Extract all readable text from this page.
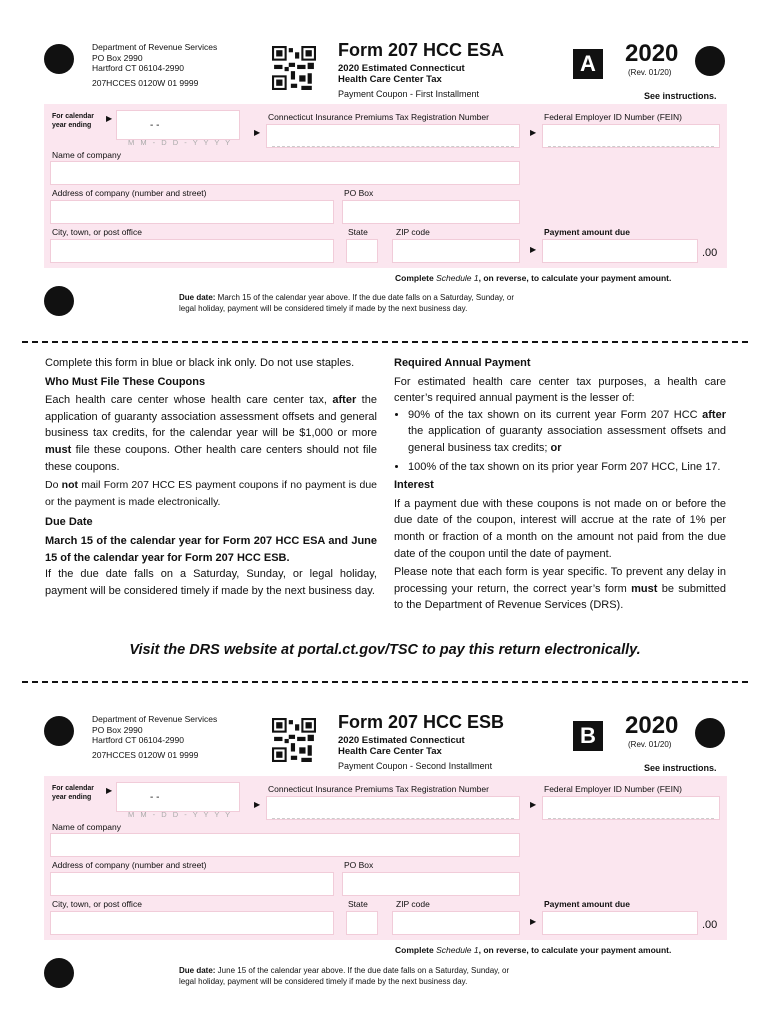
Department of Revenue Services
PO Box 2990
Hartford CT 06104-2990
207HCCES 0120W 01 9999
Form 207 HCC ESA
2020 Estimated Connecticut
Health Care Center Tax
Payment Coupon - First Installment
A 2020
(Rev. 01/20)
See instructions.
For calendar
year ending
▶
- -
M M - D D - Y Y Y Y
▶
Connecticut Insurance Premiums Tax Registration Number	Federal Employer ID Number (FEIN)
▶
Name of company
Address of company (number and street)	PO Box
City, town, or post office	State	ZIP code	Payment amount due
▶	.00
Complete Schedule 1, on reverse, to calculate your payment amount.
Due date: March 15 of the calendar year above. If the due date falls on a Saturday, Sunday, or
legal holiday, payment will be considered timely if made by the next business day.

Complete this form in blue or black ink only. Do not use staples.

Who Must File These Coupons

Each health care center whose health care center tax, after the application of guaranty association assessment offsets and general business tax credits, for the calendar year will be $1,000 or more must file these coupons. Other health care centers should not file these coupons.

Do not mail Form 207 HCC ES payment coupons if no payment is due or the payment is made electronically.

Due Date

March 15 of the calendar year for Form 207 HCC ESA and June 15 of the calendar year for Form 207 HCC ESB.

If the due date falls on a Saturday, Sunday, or legal holiday, payment will be considered timely if made by the next business day.

Required Annual Payment

For estimated health care center tax purposes, a health care center’s required annual payment is the lesser of:

• 90% of the tax shown on its current year Form 207 HCC after the application of guaranty association assessment offsets and general business tax credits; or
• 100% of the tax shown on its prior year Form 207 HCC, Line 17.

Interest

If a payment due with these coupons is not made on or before the due date of the coupon, interest will accrue at the rate of 1% per month or fraction of a month on the amount not paid from the due date of the coupon until the date of payment.

Please note that each form is year specific. To prevent any delay in processing your return, the correct year’s form must be submitted to the Department of Revenue Services (DRS).

Visit the DRS website at portal.ct.gov/TSC to pay this return electronically.
Department of Revenue Services
PO Box 2990
Hartford CT 06104-2990
207HCCES 0120W 01 9999
Form 207 HCC ESB
2020 Estimated Connecticut
Health Care Center Tax
Payment Coupon - Second Installment
B 2020
(Rev. 01/20)
See instructions.
For calendar
year ending
▶
- -
M M - D D - Y Y Y Y
▶
Connecticut Insurance Premiums Tax Registration Number	Federal Employer ID Number (FEIN)
▶
Name of company
Address of company (number and street)	PO Box
City, town, or post office	State	ZIP code	Payment amount due
▶	.00
Complete Schedule 1, on reverse, to calculate your payment amount.
Due date: June 15 of the calendar year above. If the due date falls on a Saturday, Sunday, or
legal holiday, payment will be considered timely if made by the next business day.
